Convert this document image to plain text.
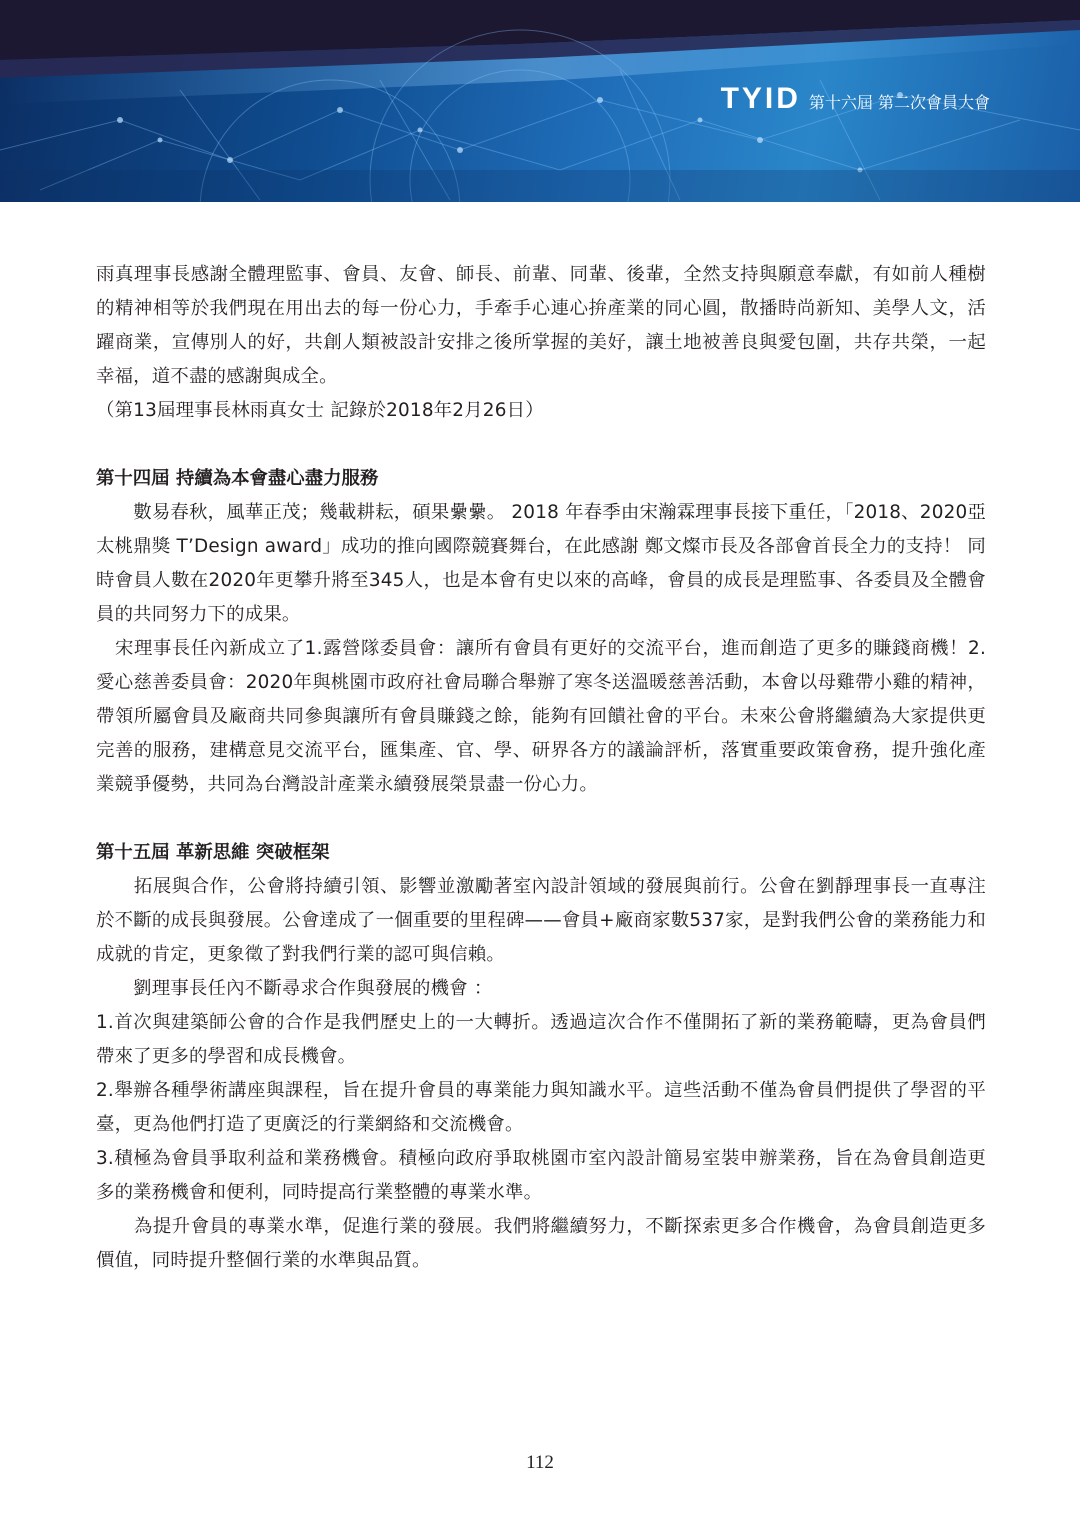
TYID 第十六屆 第二次會員大會

雨真理事長感謝全體理監事、會員、友會、師長、前輩、同輩、後輩，全然支持與願意奉獻，有如前人種樹的精神相等於我們現在用出去的每一份心力，手牽手心連心拚產業的同心圓，散播時尚新知、美學人文，活躍商業，宣傳別人的好，共創人類被設計安排之後所掌握的美好，讓土地被善良與愛包圍，共存共榮，一起幸福，道不盡的感謝與成全。

（第13屆理事長林雨真女士 記錄於2018年2月26日）

第十四屆 持續為本會盡心盡力服務

　　數易春秋，風華正茂；幾載耕耘，碩果纍纍。 2018 年春季由宋瀚霖理事長接下重任，「2018、2020亞太桃鼎獎 T’Design award」成功的推向國際競賽舞台，在此感謝 鄭文燦市長及各部會首長全力的支持！ 同時會員人數在2020年更攀升將至345人，也是本會有史以來的高峰，會員的成長是理監事、各委員及全體會員的共同努力下的成果。

　宋理事長任內新成立了1.露營隊委員會：讓所有會員有更好的交流平台，進而創造了更多的賺錢商機！2.愛心慈善委員會：2020年與桃園市政府社會局聯合舉辦了寒冬送溫暖慈善活動，本會以母雞帶小雞的精神，帶領所屬會員及廠商共同參與讓所有會員賺錢之餘，能夠有回饋社會的平台。未來公會將繼續為大家提供更完善的服務，建構意見交流平台，匯集產、官、學、研界各方的議論評析，落實重要政策會務，提升強化產業競爭優勢，共同為台灣設計產業永續發展榮景盡一份心力。

第十五屆 革新思維 突破框架

　　拓展與合作，公會將持續引領、影響並激勵著室內設計領域的發展與前行。公會在劉靜理事長一直專注於不斷的成長與發展。公會達成了一個重要的里程碑——會員+廠商家數537家，是對我們公會的業務能力和成就的肯定，更象徵了對我們行業的認可與信賴。

　　劉理事長任內不斷尋求合作與發展的機會 ：

1.首次與建築師公會的合作是我們歷史上的一大轉折。透過這次合作不僅開拓了新的業務範疇，更為會員們帶來了更多的學習和成長機會。

2.舉辦各種學術講座與課程，旨在提升會員的專業能力與知識水平。這些活動不僅為會員們提供了學習的平臺，更為他們打造了更廣泛的行業網絡和交流機會。

3.積極為會員爭取利益和業務機會。積極向政府爭取桃園市室內設計簡易室裝申辦業務，旨在為會員創造更多的業務機會和便利，同時提高行業整體的專業水準。

　　為提升會員的專業水準，促進行業的發展。我們將繼續努力，不斷探索更多合作機會，為會員創造更多價值，同時提升整個行業的水準與品質。

112
